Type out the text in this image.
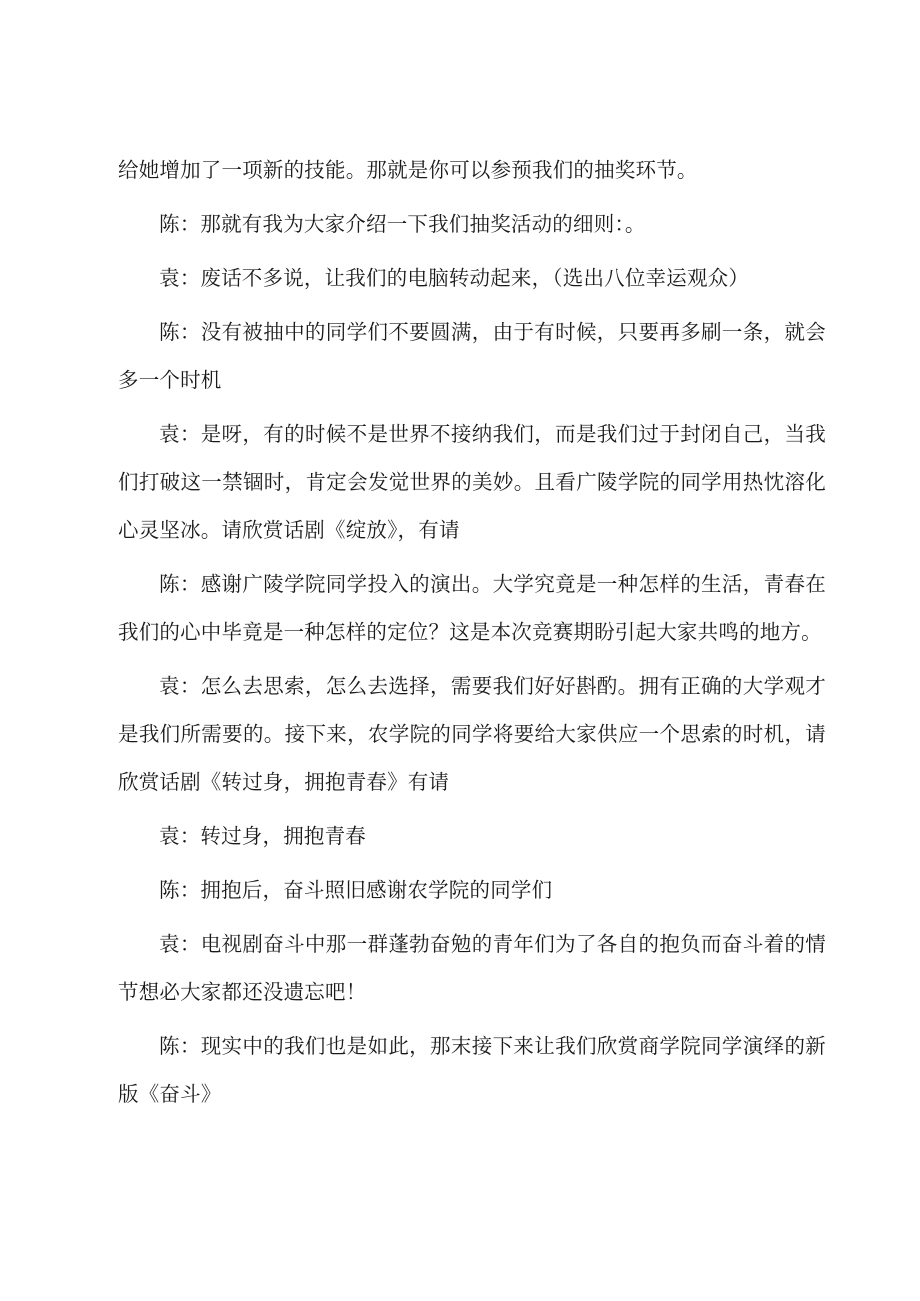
给她增加了一项新的技能。那就是你可以参预我们的抽奖环节。

陈：那就有我为大家介绍一下我们抽奖活动的细则：。

袁：废话不多说，让我们的电脑转动起来，（选出八位幸运观众）

陈：没有被抽中的同学们不要圆满，由于有时候，只要再多刷一条，就会多一个时机

袁：是呀，有的时候不是世界不接纳我们，而是我们过于封闭自己，当我们打破这一禁锢时，肯定会发觉世界的美妙。且看广陵学院的同学用热忱溶化心灵坚冰。请欣赏话剧《绽放》，有请

陈：感谢广陵学院同学投入的演出。大学究竟是一种怎样的生活，青春在我们的心中毕竟是一种怎样的定位？这是本次竞赛期盼引起大家共鸣的地方。

袁：怎么去思索，怎么去选择，需要我们好好斟酌。拥有正确的大学观才是我们所需要的。接下来，农学院的同学将要给大家供应一个思索的时机，请欣赏话剧《转过身，拥抱青春》有请

袁：转过身，拥抱青春

陈：拥抱后，奋斗照旧感谢农学院的同学们

袁：电视剧奋斗中那一群蓬勃奋勉的青年们为了各自的抱负而奋斗着的情节想必大家都还没遗忘吧！

陈：现实中的我们也是如此，那末接下来让我们欣赏商学院同学演绎的新版《奋斗》
